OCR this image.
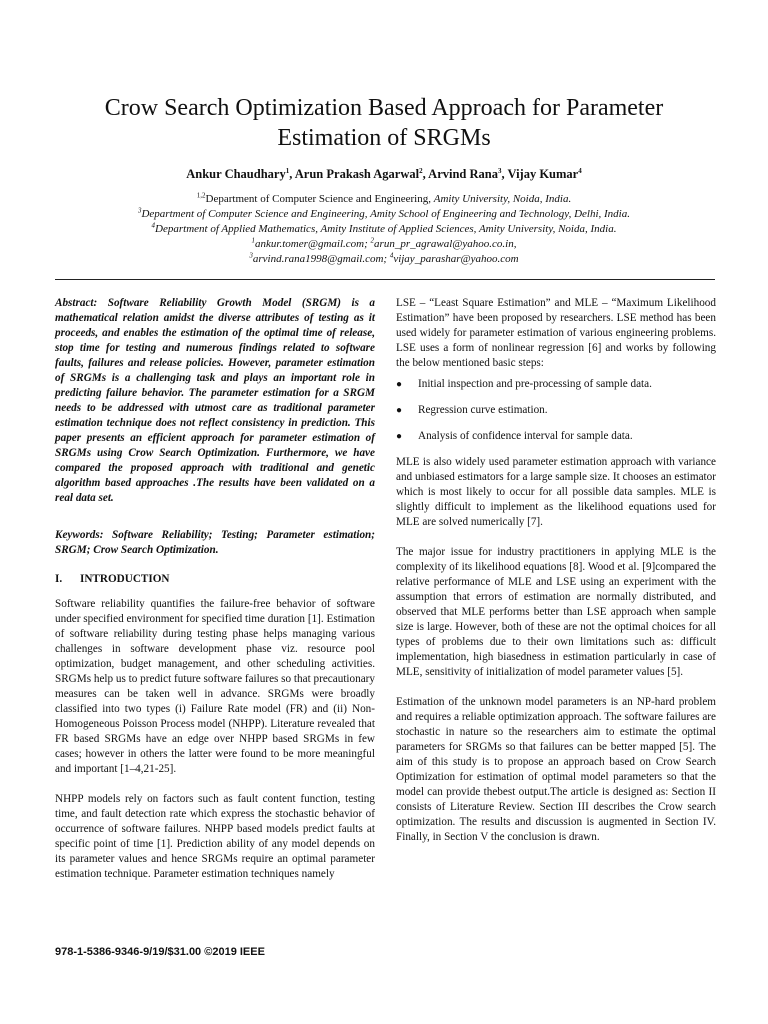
Crow Search Optimization Based Approach for Parameter
Estimation of SRGMs

Ankur Chaudhary$^1$, Arun Prakash Agarwal$^2$, Arvind Rana$^3$, Vijay Kumar$^4$

$^{1,2}$Department of Computer Science and Engineering, Amity University, Noida, India.
$^3$Department of Computer Science and Engineering, Amity School of Engineering and Technology, Delhi, India.
$^4$Department of Applied Mathematics, Amity Institute of Applied Sciences, Amity University, Noida, India.
$^1$ankur.tomer@gmail.com; $^2$arun_pr_agrawal@yahoo.co.in,
$^3$arvind.rana1998@gmail.com; $^4$vijay_parashar@yahoo.com

Abstract: Software Reliability Growth Model (SRGM) is a mathematical relation amidst the diverse attributes of testing as it proceeds, and enables the estimation of the optimal time of release, stop time for testing and numerous findings related to software faults, failures and release policies. However, parameter estimation of SRGMs is a challenging task and plays an important role in predicting failure behavior. The parameter estimation for a SRGM needs to be addressed with utmost care as traditional parameter estimation technique does not reflect consistency in prediction. This paper presents an efficient approach for parameter estimation of SRGMs using Crow Search Optimization. Furthermore, we have compared the proposed approach with traditional and genetic algorithm based approaches .The results have been validated on a real data set.

Keywords: Software Reliability; Testing; Parameter estimation; SRGM; Crow Search Optimization.

I.	INTRODUCTION

Software reliability quantifies the failure-free behavior of software under specified environment for specified time duration [1]. Estimation of software reliability during testing phase helps managing various challenges in software development phase viz. resource pool optimization, budget management, and other scheduling activities. SRGMs help us to predict future software failures so that precautionary measures can be taken well in advance. SRGMs were broadly classified into two types (i) Failure Rate model (FR) and (ii) Non-Homogeneous Poisson Process model (NHPP). Literature revealed that FR based SRGMs have an edge over NHPP based SRGMs in few cases; however in others the latter were found to be more meaningful and important [1–4,21-25].

NHPP models rely on factors such as fault content function, testing time, and fault detection rate which express the stochastic behavior of occurrence of software failures. NHPP based models predict faults at specific point of time [1]. Prediction ability of any model depends on its parameter values and hence SRGMs require an optimal parameter estimation technique. Parameter estimation techniques namely

LSE – “Least Square Estimation” and MLE – “Maximum Likelihood Estimation” have been proposed by researchers. LSE method has been used widely for parameter estimation of various engineering problems. LSE uses a form of nonlinear regression [6] and works by following the below mentioned basic steps:

●	Initial inspection and pre-processing of sample data.
●	Regression curve estimation.
●	Analysis of confidence interval for sample data.

MLE is also widely used parameter estimation approach with variance and unbiased estimators for a large sample size. It chooses an estimator which is most likely to occur for all possible data samples. MLE is slightly difficult to implement as the likelihood equations used for MLE are solved numerically [7].

The major issue for industry practitioners in applying MLE is the complexity of its likelihood equations [8]. Wood et al. [9]compared the relative performance of MLE and LSE using an experiment with the assumption that errors of estimation are normally distributed, and observed that MLE performs better than LSE approach when sample size is large. However, both of these are not the optimal choices for all types of problems due to their own limitations such as: difficult implementation, high biasedness in estimation particularly in case of MLE, sensitivity of initialization of model parameter values [5].

Estimation of the unknown model parameters is an NP-hard problem and requires a reliable optimization approach. The software failures are stochastic in nature so the researchers aim to estimate the optimal parameters for SRGMs so that failures can be better mapped [5]. The aim of this study is to propose an approach based on Crow Search Optimization for estimation of optimal model parameters so that the model can provide thebest output.The article is designed as: Section II consists of Literature Review. Section III describes the Crow search optimization. The results and discussion is augmented in Section IV. Finally, in Section V the conclusion is drawn.

978-1-5386-9346-9/19/$31.00 ©2019 IEEE
